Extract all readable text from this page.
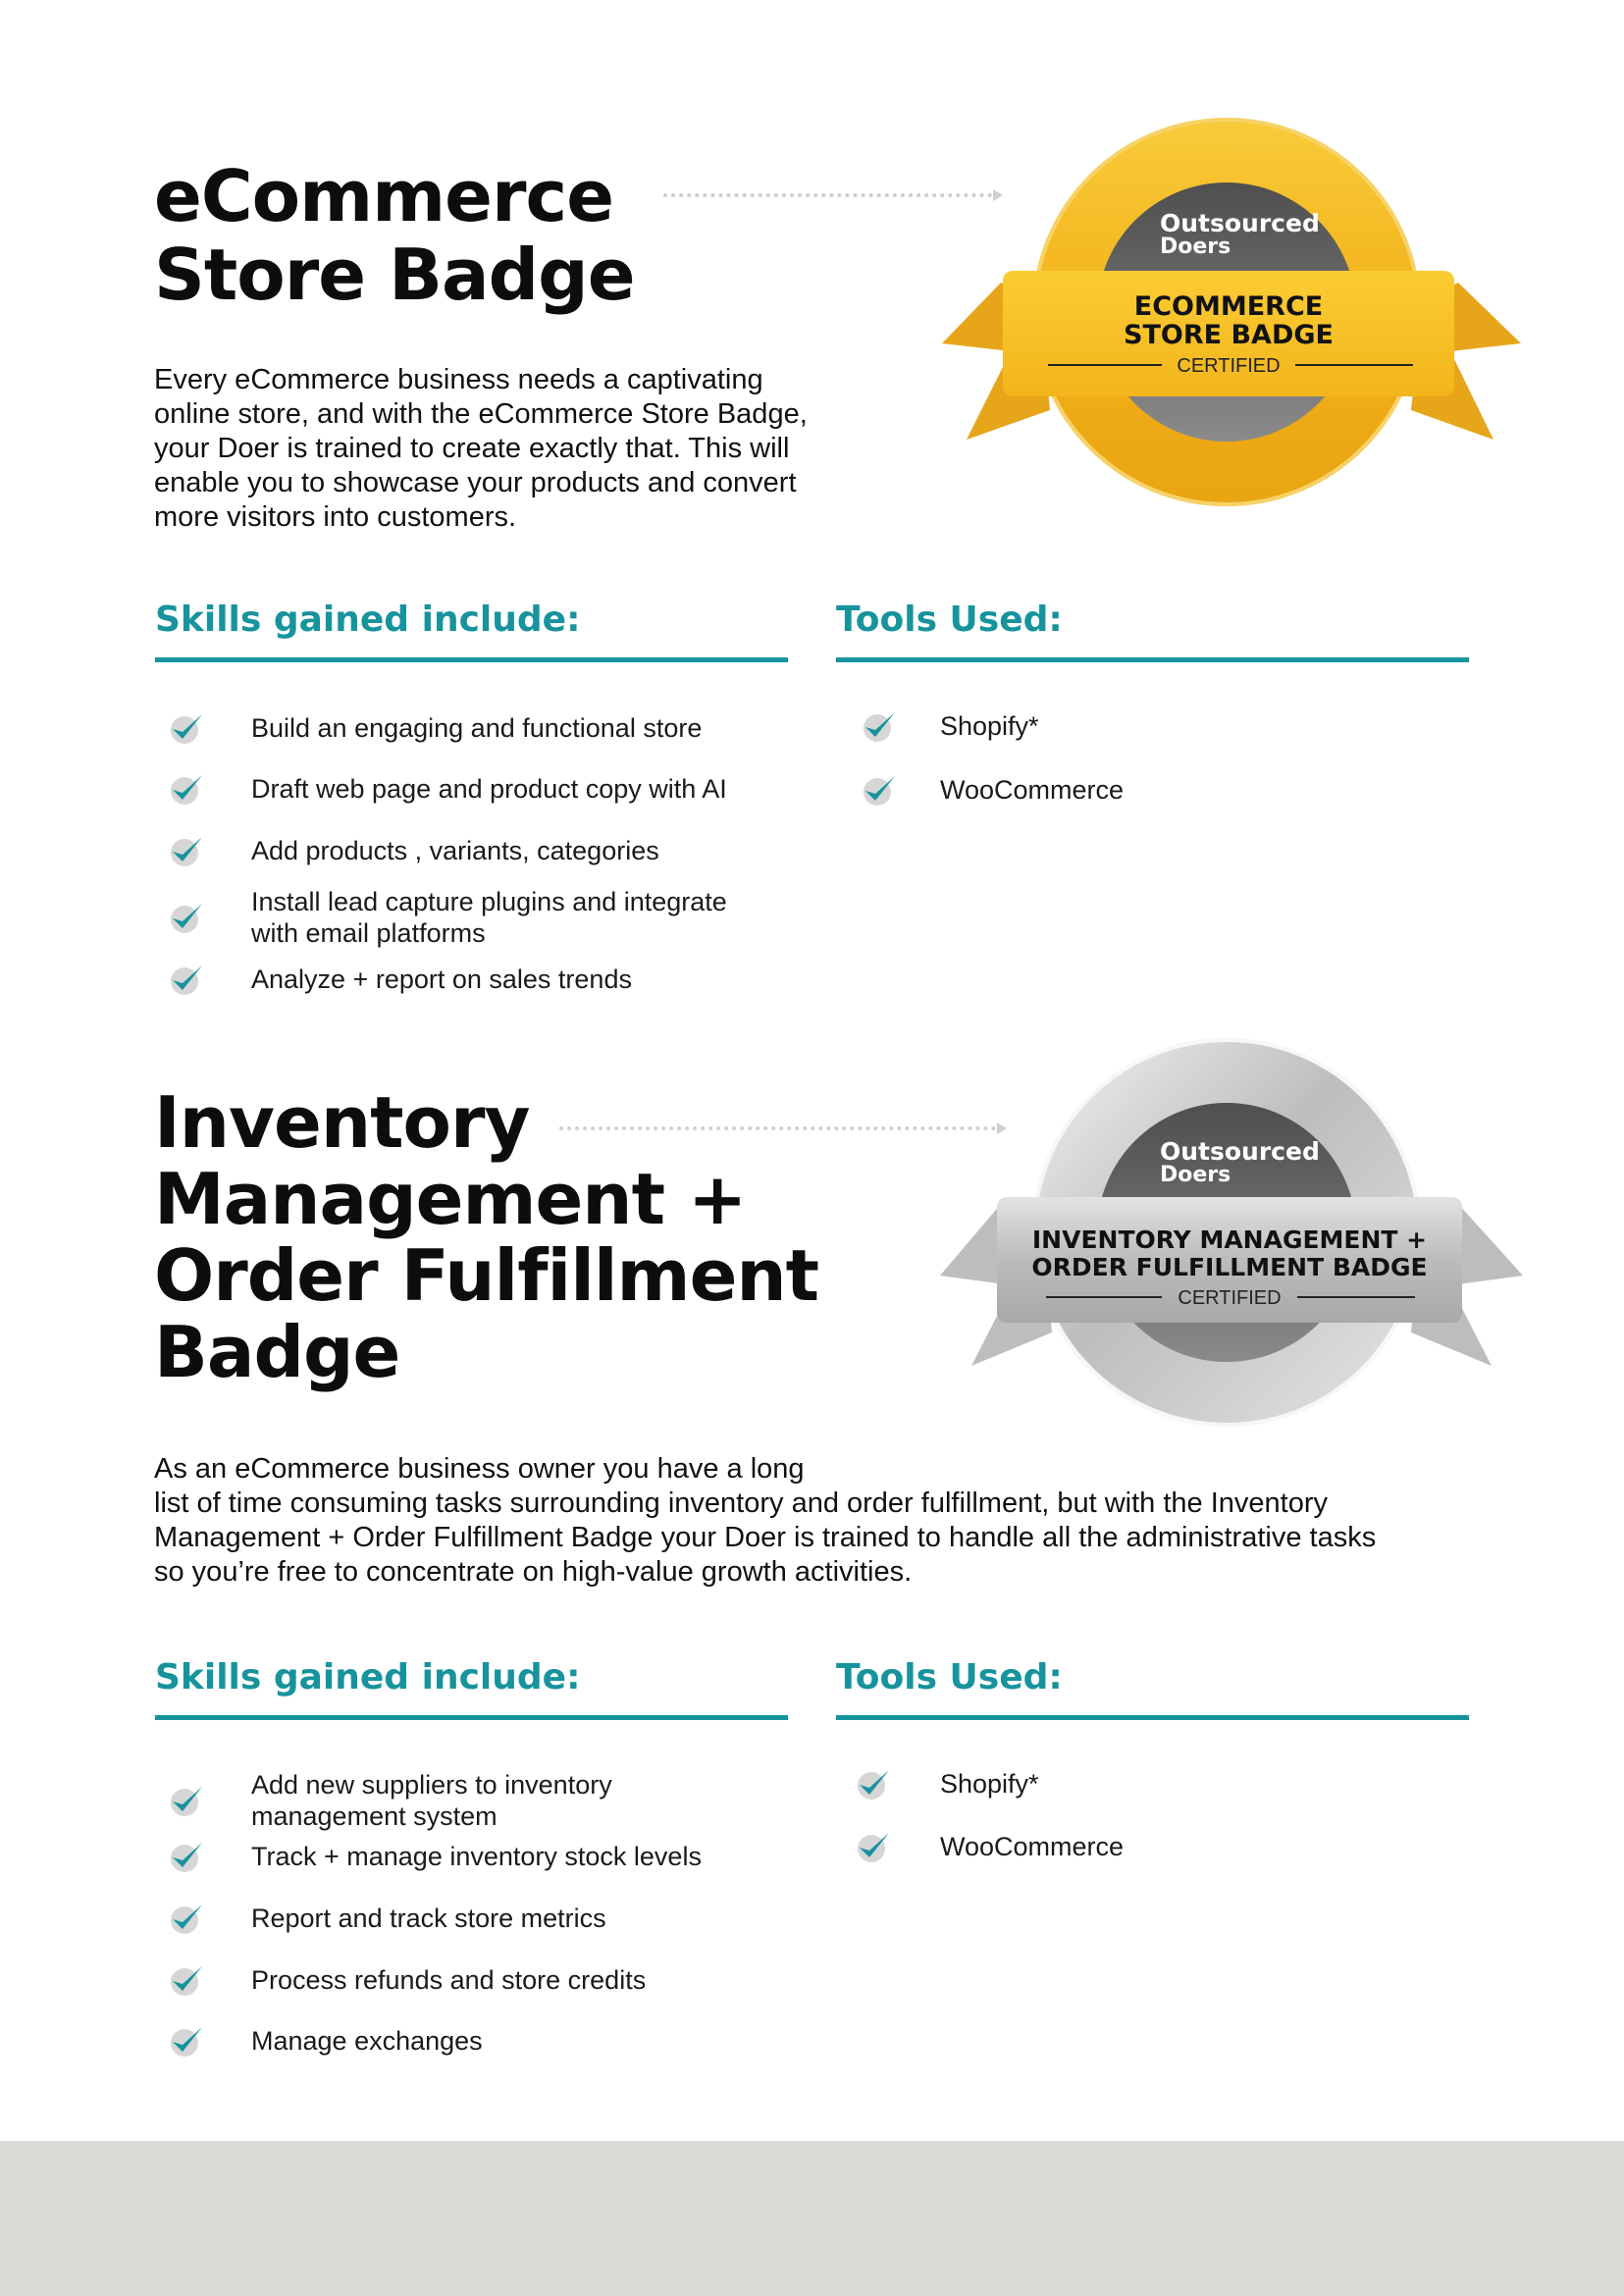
eCommerce
Store Badge
Outsourced
Doers
ECOMMERCE
STORE BADGE
CERTIFIED

Every eCommerce business needs a captivating

online store, and with the eCommerce Store Badge,

your Doer is trained to create exactly that. This will

enable you to showcase your products and convert

more visitors into customers.

Skills gained include:	Tools Used:
Build an engaging and functional store
Draft web page and product copy with AI
Add products , variants, categories
Install lead capture plugins and integrate
with email platforms
Analyze + report on sales trends
Shopify*
WooCommerce
Inventory
Management +
Order Fulfillment
Badge
Outsourced
Doers
INVENTORY MANAGEMENT +
ORDER FULFILLMENT BADGE
CERTIFIED

As an eCommerce business owner you have a long

list of time consuming tasks surrounding inventory and order fulfillment, but with the Inventory

Management + Order Fulfillment Badge your Doer is trained to handle all the administrative tasks

so you’re free to concentrate on high-value growth activities.

Skills gained include:	Tools Used:
Add new suppliers to inventory
management system
Track + manage inventory stock levels
Report and track store metrics
Process refunds and store credits
Manage exchanges
Shopify*
WooCommerce
